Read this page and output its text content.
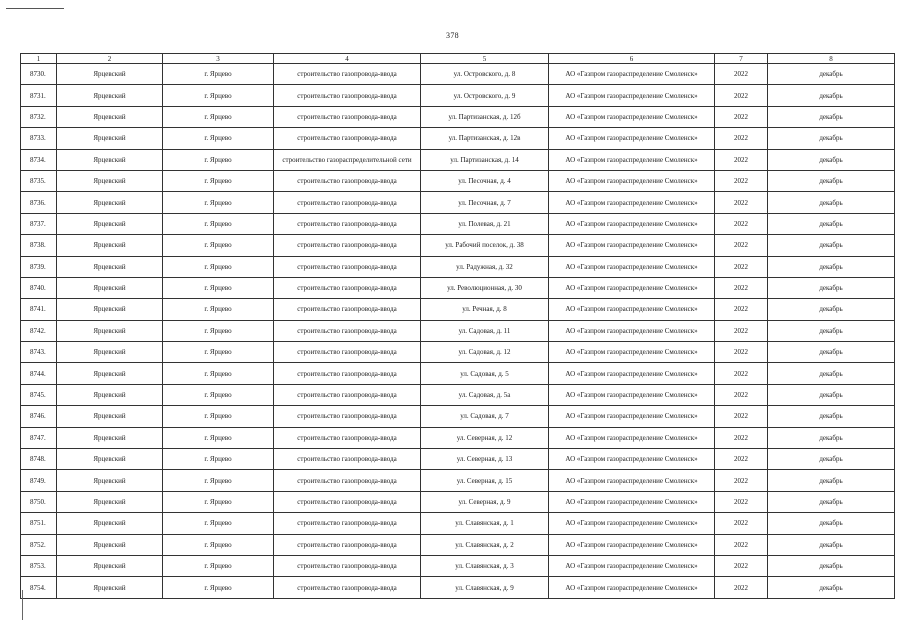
378
1	2	3	4	5	6	7	8
8730.	Ярцевский	г. Ярцево	строительство газопровода-ввода	ул. Островского, д. 8	АО «Газпром газораспределение Смоленск»	2022	декабрь
8731.	Ярцевский	г. Ярцево	строительство газопровода-ввода	ул. Островского, д. 9	АО «Газпром газораспределение Смоленск»	2022	декабрь
8732.	Ярцевский	г. Ярцево	строительство газопровода-ввода	ул. Партизанская, д. 12б	АО «Газпром газораспределение Смоленск»	2022	декабрь
8733.	Ярцевский	г. Ярцево	строительство газопровода-ввода	ул. Партизанская, д. 12в	АО «Газпром газораспределение Смоленск»	2022	декабрь
8734.	Ярцевский	г. Ярцево	строительство газораспределительной сети	ул. Партизанская, д. 14	АО «Газпром газораспределение Смоленск»	2022	декабрь
8735.	Ярцевский	г. Ярцево	строительство газопровода-ввода	ул. Песочная, д. 4	АО «Газпром газораспределение Смоленск»	2022	декабрь
8736.	Ярцевский	г. Ярцево	строительство газопровода-ввода	ул. Песочная, д. 7	АО «Газпром газораспределение Смоленск»	2022	декабрь
8737.	Ярцевский	г. Ярцево	строительство газопровода-ввода	ул. Полевая, д. 21	АО «Газпром газораспределение Смоленск»	2022	декабрь
8738.	Ярцевский	г. Ярцево	строительство газопровода-ввода	ул. Рабочий поселок, д. 38	АО «Газпром газораспределение Смоленск»	2022	декабрь
8739.	Ярцевский	г. Ярцево	строительство газопровода-ввода	ул. Радужная, д. 32	АО «Газпром газораспределение Смоленск»	2022	декабрь
8740.	Ярцевский	г. Ярцево	строительство газопровода-ввода	ул. Революционная, д. 30	АО «Газпром газораспределение Смоленск»	2022	декабрь
8741.	Ярцевский	г. Ярцево	строительство газопровода-ввода	ул. Речная, д. 8	АО «Газпром газораспределение Смоленск»	2022	декабрь
8742.	Ярцевский	г. Ярцево	строительство газопровода-ввода	ул. Садовая, д. 11	АО «Газпром газораспределение Смоленск»	2022	декабрь
8743.	Ярцевский	г. Ярцево	строительство газопровода-ввода	ул. Садовая, д. 12	АО «Газпром газораспределение Смоленск»	2022	декабрь
8744.	Ярцевский	г. Ярцево	строительство газопровода-ввода	ул. Садовая, д. 5	АО «Газпром газораспределение Смоленск»	2022	декабрь
8745.	Ярцевский	г. Ярцево	строительство газопровода-ввода	ул. Садовая, д. 5а	АО «Газпром газораспределение Смоленск»	2022	декабрь
8746.	Ярцевский	г. Ярцево	строительство газопровода-ввода	ул. Садовая, д. 7	АО «Газпром газораспределение Смоленск»	2022	декабрь
8747.	Ярцевский	г. Ярцево	строительство газопровода-ввода	ул. Северная, д. 12	АО «Газпром газораспределение Смоленск»	2022	декабрь
8748.	Ярцевский	г. Ярцево	строительство газопровода-ввода	ул. Северная, д. 13	АО «Газпром газораспределение Смоленск»	2022	декабрь
8749.	Ярцевский	г. Ярцево	строительство газопровода-ввода	ул. Северная, д. 15	АО «Газпром газораспределение Смоленск»	2022	декабрь
8750.	Ярцевский	г. Ярцево	строительство газопровода-ввода	ул. Северная, д. 9	АО «Газпром газораспределение Смоленск»	2022	декабрь
8751.	Ярцевский	г. Ярцево	строительство газопровода-ввода	ул. Славянская, д. 1	АО «Газпром газораспределение Смоленск»	2022	декабрь
8752.	Ярцевский	г. Ярцево	строительство газопровода-ввода	ул. Славянская, д. 2	АО «Газпром газораспределение Смоленск»	2022	декабрь
8753.	Ярцевский	г. Ярцево	строительство газопровода-ввода	ул. Славянская, д. 3	АО «Газпром газораспределение Смоленск»	2022	декабрь
8754.	Ярцевский	г. Ярцево	строительство газопровода-ввода	ул. Славянская, д. 9	АО «Газпром газораспределение Смоленск»	2022	декабрь
